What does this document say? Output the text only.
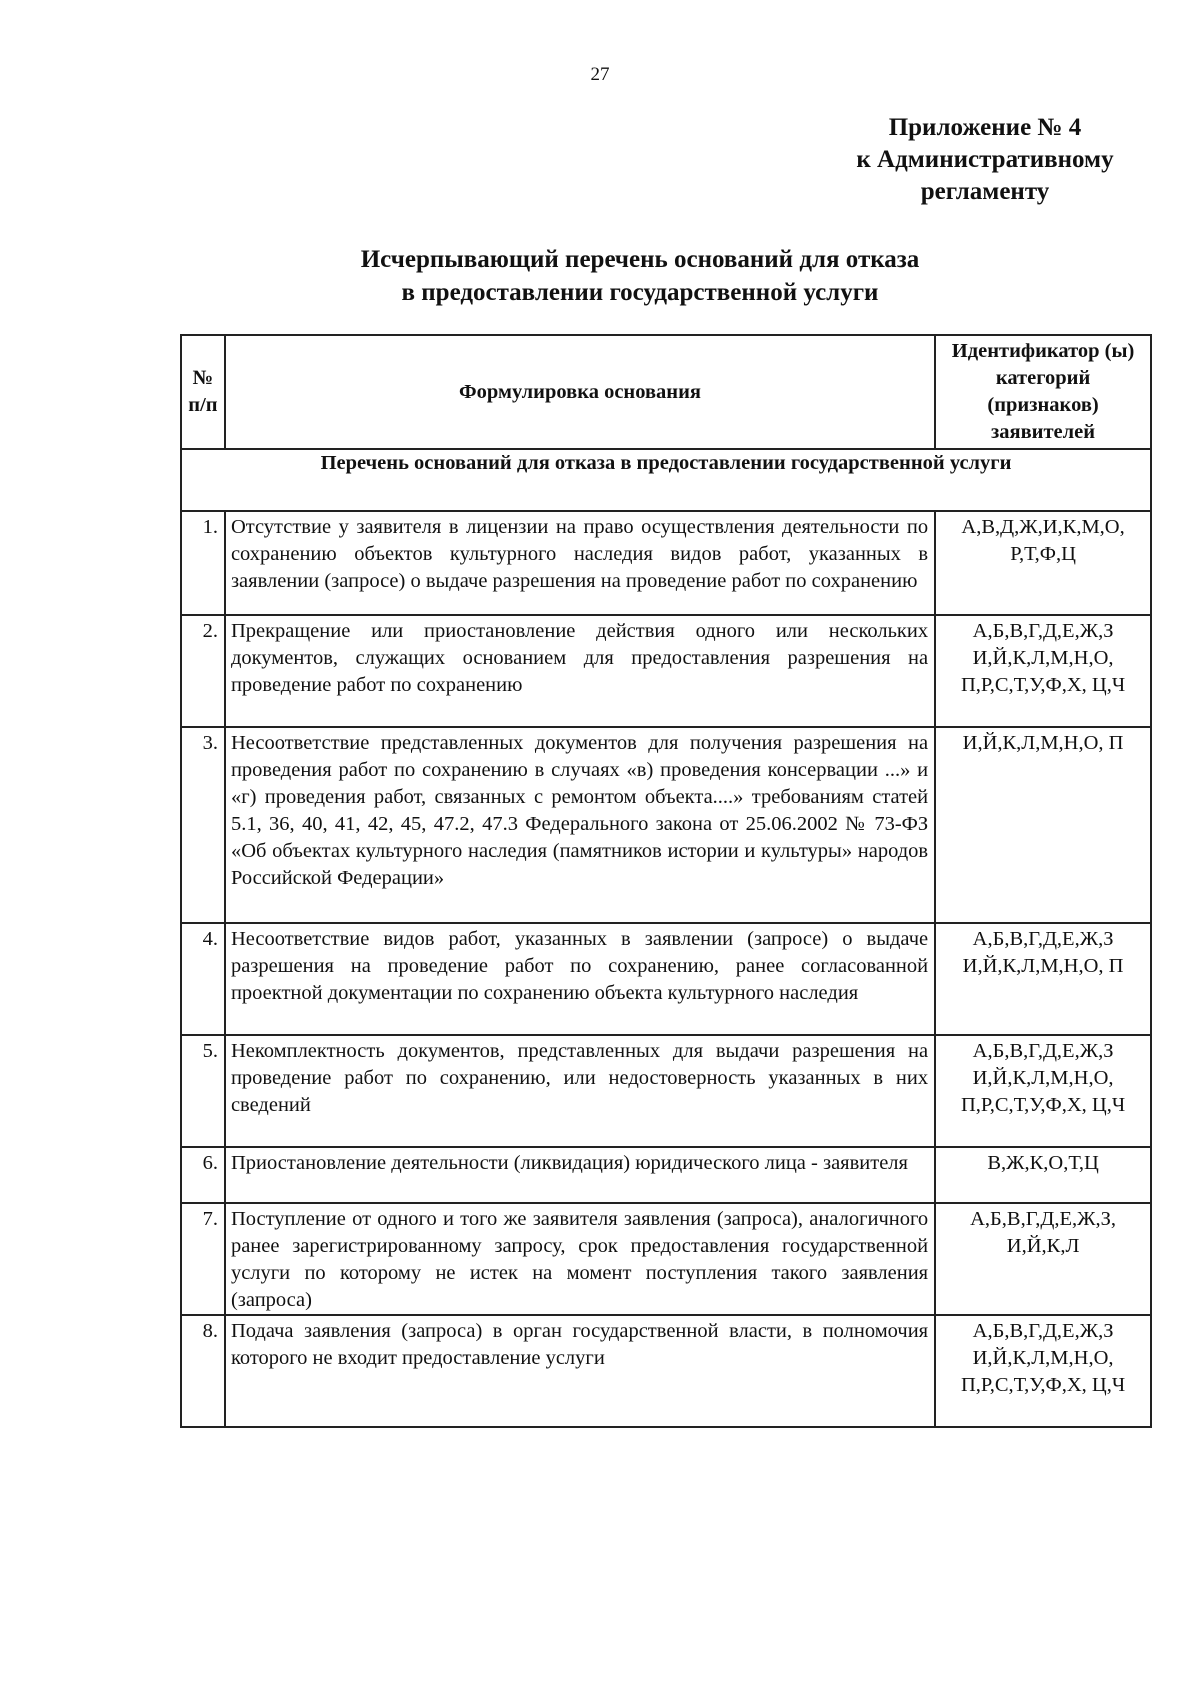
27
Приложение № 4
к Административному
регламенту
Исчерпывающий перечень оснований для отказа
в предоставлении государственной услуги
№
п/п	Формулировка основания	Идентификатор (ы) категорий (признаков) заявителей
Перечень оснований для отказа в предоставлении государственной услуги		
1.	Отсутствие у заявителя в лицензии на право осуществления деятельности по сохранению объектов культурного наследия видов работ, указанных в заявлении (запросе) о выдаче разрешения на проведение работ по сохранению	А,В,Д,Ж,И,К,М,О, Р,Т,Ф,Ц
2.	Прекращение или приостановление действия одного или нескольких документов, служащих основанием для предоставления разрешения на проведение работ по сохранению	А,Б,В,Г,Д,Е,Ж,З И,Й,К,Л,М,Н,О, П,Р,С,Т,У,Ф,Х, Ц,Ч
3.	Несоответствие представленных документов для получения разрешения на проведения работ по сохранению в случаях «в) проведения консервации ...» и «г) проведения работ, связанных с ремонтом объекта....» требованиям статей 5.1, 36, 40, 41, 42, 45, 47.2, 47.3 Федерального закона от 25.06.2002 № 73-ФЗ «Об объектах культурного наследия (памятников истории и культуры» народов Российской Федерации»	И,Й,К,Л,М,Н,О, П
4.	Несоответствие видов работ, указанных в заявлении (запросе) о выдаче разрешения на проведение работ по сохранению, ранее согласованной проектной документации по сохранению объекта культурного наследия	А,Б,В,Г,Д,Е,Ж,З И,Й,К,Л,М,Н,О, П
5.	Некомплектность документов, представленных для выдачи разрешения на проведение работ по сохранению, или недостоверность указанных в них сведений	А,Б,В,Г,Д,Е,Ж,З И,Й,К,Л,М,Н,О, П,Р,С,Т,У,Ф,Х, Ц,Ч
6.	Приостановление деятельности (ликвидация) юридического лица - заявителя	В,Ж,К,О,Т,Ц
7.	Поступление от одного и того же заявителя заявления (запроса), аналогичного ранее зарегистрированному запросу, срок предоставления государственной услуги по которому не истек на момент поступления такого заявления (запроса)	А,Б,В,Г,Д,Е,Ж,З, И,Й,К,Л
8.	Подача заявления (запроса) в орган государственной власти, в полномочия которого не входит предоставление услуги	А,Б,В,Г,Д,Е,Ж,З И,Й,К,Л,М,Н,О, П,Р,С,Т,У,Ф,Х, Ц,Ч
